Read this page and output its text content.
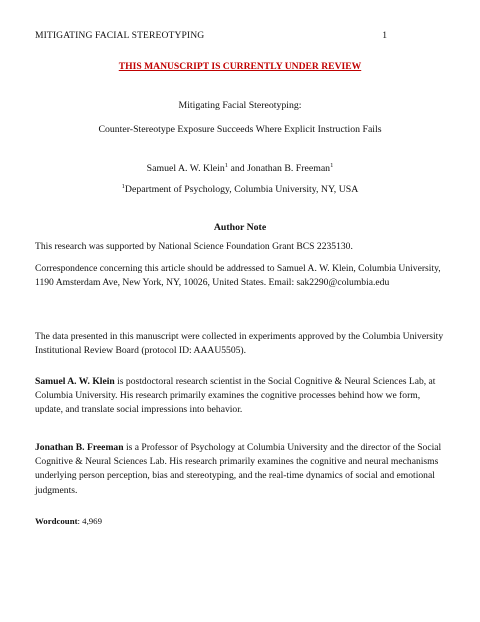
MITIGATING FACIAL STEREOTYPING	1
THIS MANUSCRIPT IS CURRENTLY UNDER REVIEW
Mitigating Facial Stereotyping:
Counter-Stereotype Exposure Succeeds Where Explicit Instruction Fails
Samuel A. W. Klein$^1$ and Jonathan B. Freeman$^1$
$^1$Department of Psychology, Columbia University, NY, USA
Author Note

This research was supported by National Science Foundation Grant BCS 2235130.

Correspondence concerning this article should be addressed to Samuel A. W. Klein, Columbia University, 1190 Amsterdam Ave, New York, NY, 10026, United States. Email: sak2290@columbia.edu

The data presented in this manuscript were collected in experiments approved by the Columbia University Institutional Review Board (protocol ID: AAAU5505).

Samuel A. W. Klein is postdoctoral research scientist in the Social Cognitive & Neural Sciences Lab, at Columbia University. His research primarily examines the cognitive processes behind how we form, update, and translate social impressions into behavior.

Jonathan B. Freeman is a Professor of Psychology at Columbia University and the director of the Social Cognitive & Neural Sciences Lab. His research primarily examines the cognitive and neural mechanisms underlying person perception, bias and stereotyping, and the real-time dynamics of social and emotional judgments.

Wordcount: 4,969
